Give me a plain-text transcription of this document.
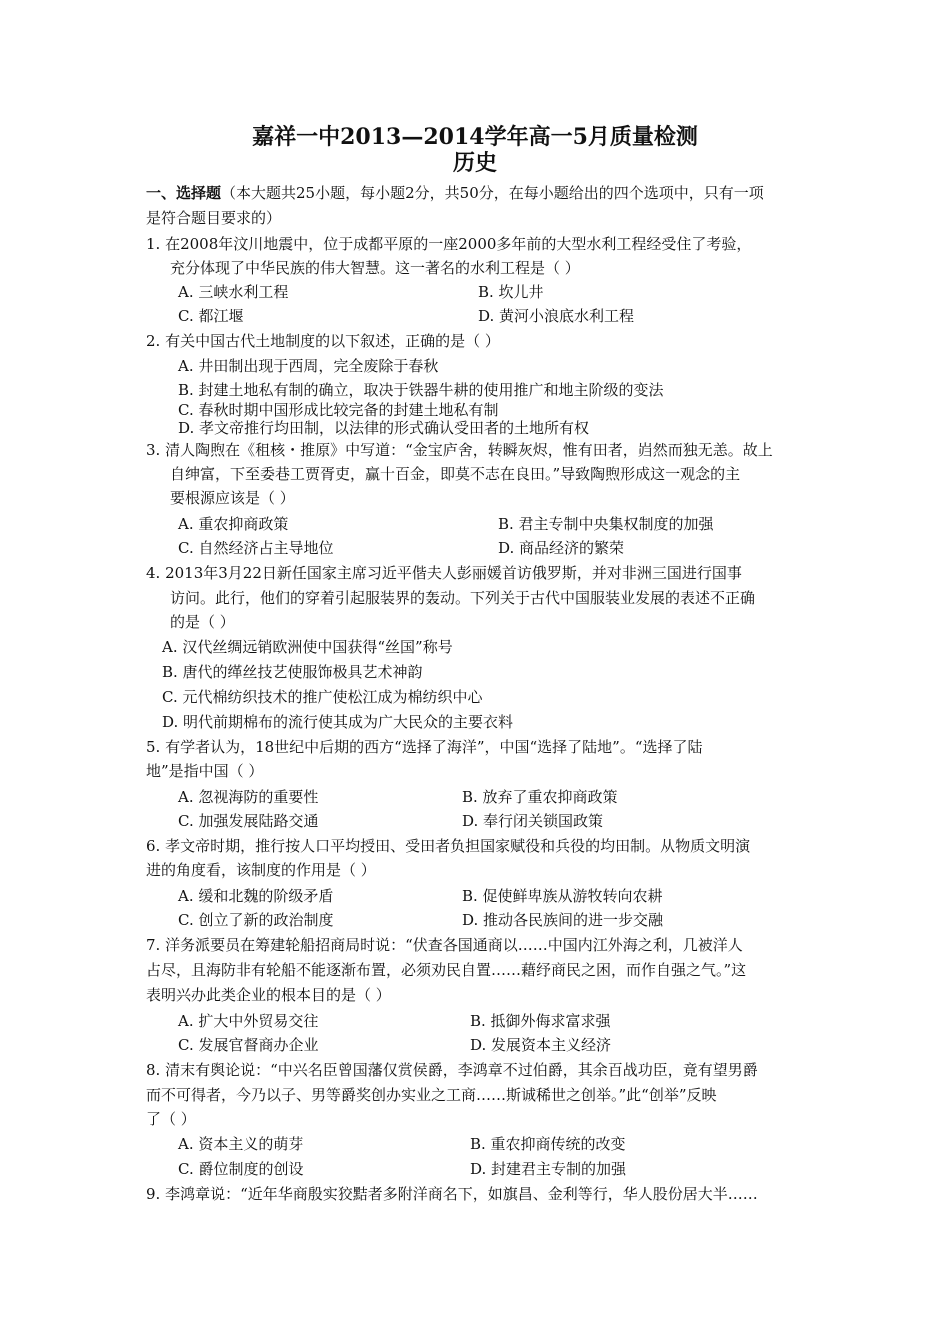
嘉祥一中2013—2014学年高一5月质量检测
历史
一、选择题（本大题共25小题，每小题2分，共50分，在每小题给出的四个选项中，只有一项
是符合题目要求的）
1. 在2008年汶川地震中，位于成都平原的一座2000多年前的大型水利工程经受住了考验，
充分体现了中华民族的伟大智慧。这一著名的水利工程是（ ）
A. 三峡水利工程	B. 坎儿井
C. 都江堰	D. 黄河小浪底水利工程
2. 有关中国古代土地制度的以下叙述，正确的是（ ）
A. 井田制出现于西周，完全废除于春秋
B. 封建土地私有制的确立，取决于铁器牛耕的使用推广和地主阶级的变法
C. 春秋时期中国形成比较完备的封建土地私有制
D. 孝文帝推行均田制，以法律的形式确认受田者的土地所有权
3. 清人陶煦在《租核・推原》中写道：“金宝庐舍，转瞬灰烬，惟有田者，岿然而独无恙。故上
自绅富，下至委巷工贾胥吏，赢十百金，即莫不志在良田。”导致陶煦形成这一观念的主
要根源应该是（ ）
A. 重农抑商政策	B. 君主专制中央集权制度的加强
C. 自然经济占主导地位	D. 商品经济的繁荣
4. 2013年3月22日新任国家主席习近平偕夫人彭丽媛首访俄罗斯，并对非洲三国进行国事
访问。此行，他们的穿着引起服装界的轰动。下列关于古代中国服装业发展的表述不正确
的是（ ）
A. 汉代丝绸远销欧洲使中国获得“丝国”称号
B. 唐代的缂丝技艺使服饰极具艺术神韵
C. 元代棉纺织技术的推广使松江成为棉纺织中心
D. 明代前期棉布的流行使其成为广大民众的主要衣料
5. 有学者认为，18世纪中后期的西方“选择了海洋”，中国“选择了陆地”。“选择了陆
地”是指中国（ ）
A. 忽视海防的重要性	B. 放弃了重农抑商政策
C. 加强发展陆路交通	D. 奉行闭关锁国政策
6. 孝文帝时期，推行按人口平均授田、受田者负担国家赋役和兵役的均田制。从物质文明演
进的角度看，该制度的作用是（ ）
A. 缓和北魏的阶级矛盾	B. 促使鲜卑族从游牧转向农耕
C. 创立了新的政治制度	D. 推动各民族间的进一步交融
7. 洋务派要员在筹建轮船招商局时说：“伏查各国通商以……中国内江外海之利，几被洋人
占尽，且海防非有轮船不能逐渐布置，必须劝民自置……藉纾商民之困，而作自强之气。”这
表明兴办此类企业的根本目的是（ ）
A. 扩大中外贸易交往	B. 抵御外侮求富求强
C. 发展官督商办企业	D. 发展资本主义经济
8. 清末有舆论说：“中兴名臣曾国藩仅赏侯爵，李鸿章不过伯爵，其余百战功臣，竟有望男爵
而不可得者，今乃以子、男等爵奖创办实业之工商……斯诚稀世之创举。”此“创举”反映
了（ ）
A. 资本主义的萌芽	B. 重农抑商传统的改变
C. 爵位制度的创设	D. 封建君主专制的加强
9. 李鸿章说：“近年华商殷实狡黠者多附洋商名下，如旗昌、金利等行，华人股份居大半……
